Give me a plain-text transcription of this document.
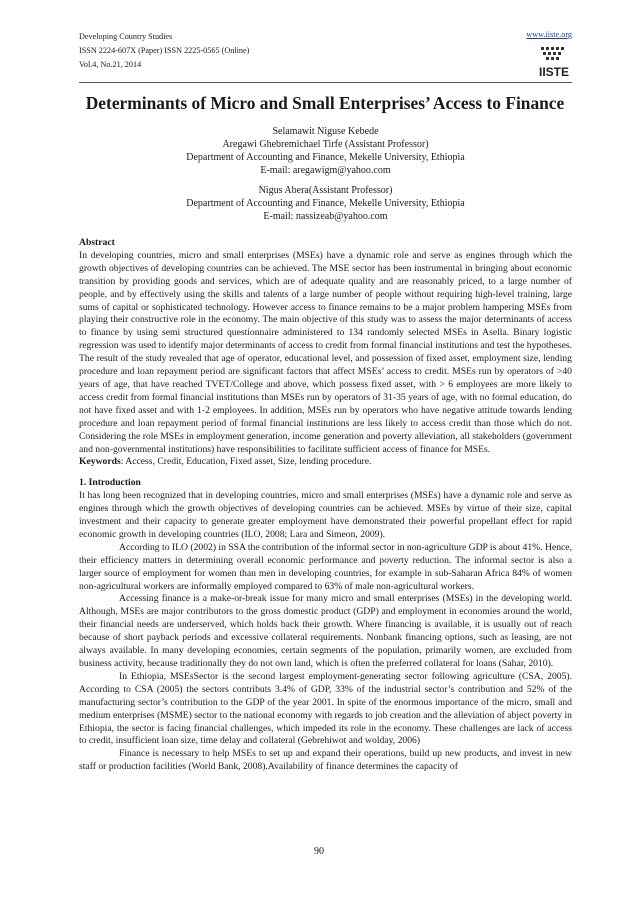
Developing Country Studies
ISSN 2224-607X (Paper) ISSN 2225-0565 (Online)
Vol.4, No.21, 2014
www.iiste.org
IISTE
Determinants of Micro and Small Enterprises’ Access to Finance
Selamawit Niguse Kebede
Aregawi Ghebremichael Tirfe (Assistant Professor)
Department of Accounting and Finance, Mekelle University, Ethiopia
E-mail: aregawigm@yahoo.com
Nigus Abera(Assistant Professor)
Department of Accounting and Finance, Mekelle University, Ethiopia
E-mail: nassizeab@yahoo.com

Abstract

In developing countries, micro and small enterprises (MSEs) have a dynamic role and serve as engines through which the growth objectives of developing countries can be achieved. The MSE sector has been instrumental in bringing about economic transition by providing goods and services, which are of adequate quality and are reasonably priced, to a large number of people, and by effectively using the skills and talents of a large number of people without requiring high-level training, large sums of capital or sophisticated technology. However access to finance remains to be a major problem hampering MSEs from playing their constructive role in the economy. The main objective of this study was to assess the major determinants of access to finance by using semi structured questionnaire administered to 134 randomly selected MSEs in Asella. Binary logistic regression was used to identify major determinants of access to credit from formal financial institutions and test the hypotheses. The result of the study revealed that age of operator, educational level, and possession of fixed asset, employment size, lending procedure and loan repayment period are significant factors that affect MSEs’ access to credit. MSEs run by operators of >40 years of age, that have reached TVET/College and above, which possess fixed asset, with > 6 employees are more likely to access credit from formal financial institutions than MSEs run by operators of 31-35 years of age, with no formal education, do not have fixed asset and with 1-2 employees. In addition, MSEs run by operators who have negative attitude towards lending procedure and loan repayment period of formal financial institutions are less likely to access credit than those which do not. Considering the role MSEs in employment generation, income generation and poverty alleviation, all stakeholders (government and non-governmental institutions) have responsibilities to facilitate sufficient access of finance for MSEs.

Keywords: Access, Credit, Education, Fixed asset, Size, lending procedure.

1. Introduction

It has long been recognized that in developing countries, micro and small enterprises (MSEs) have a dynamic role and serve as engines through which the growth objectives of developing countries can be achieved. MSEs by virtue of their size, capital investment and their capacity to generate greater employment have demonstrated their powerful propellant effect for rapid economic growth in developing countries (ILO, 2008; Lara and Simeon, 2009).

According to ILO (2002) in SSA the contribution of the informal sector in non-agriculture GDP is about 41%. Hence, their efficiency matters in determining overall economic performance and poverty reduction. The informal sector is also a larger source of employment for women than men in developing countries, for example in sub-Saharan Africa 84% of women non-agricultural workers are informally employed compared to 63% of male non-agricultural workers.

Accessing finance is a make-or-break issue for many micro and small enterprises (MSEs) in the developing world. Although, MSEs are major contributors to the gross domestic product (GDP) and employment in economies around the world, their financial needs are underserved, which holds back their growth. Where financing is available, it is usually out of reach because of short payback periods and excessive collateral requirements. Nonbank financing options, such as leasing, are not always available. In many developing economies, certain segments of the population, primarily women, are excluded from business activity, because traditionally they do not own land, which is often the preferred collateral for loans (Sahar, 2010).

In Ethiopia, MSEsSector is the second largest employment-generating sector following agriculture (CSA, 2005). According to CSA (2005) the sectors contributs 3.4% of GDP, 33% of the industrial sector’s contribution and 52% of the manufacturing sector’s contribution to the GDP of the year 2001. In spite of the enormous importance of the micro, small and medium enterprises (MSME) sector to the national economy with regards to job creation and the alleviation of abject poverty in Ethiopia, the sector is facing financial challenges, which impeded its role in the economy. These challenges are lack of access to credit, insufficient loan size, time delay and collateral (Gebrehiwot and wolday, 2006)

Finance is necessary to help MSEs to set up and expand their operations, build up new products, and invest in new staff or production facilities (World Bank, 2008).Availability of finance determines the capacity of

90
